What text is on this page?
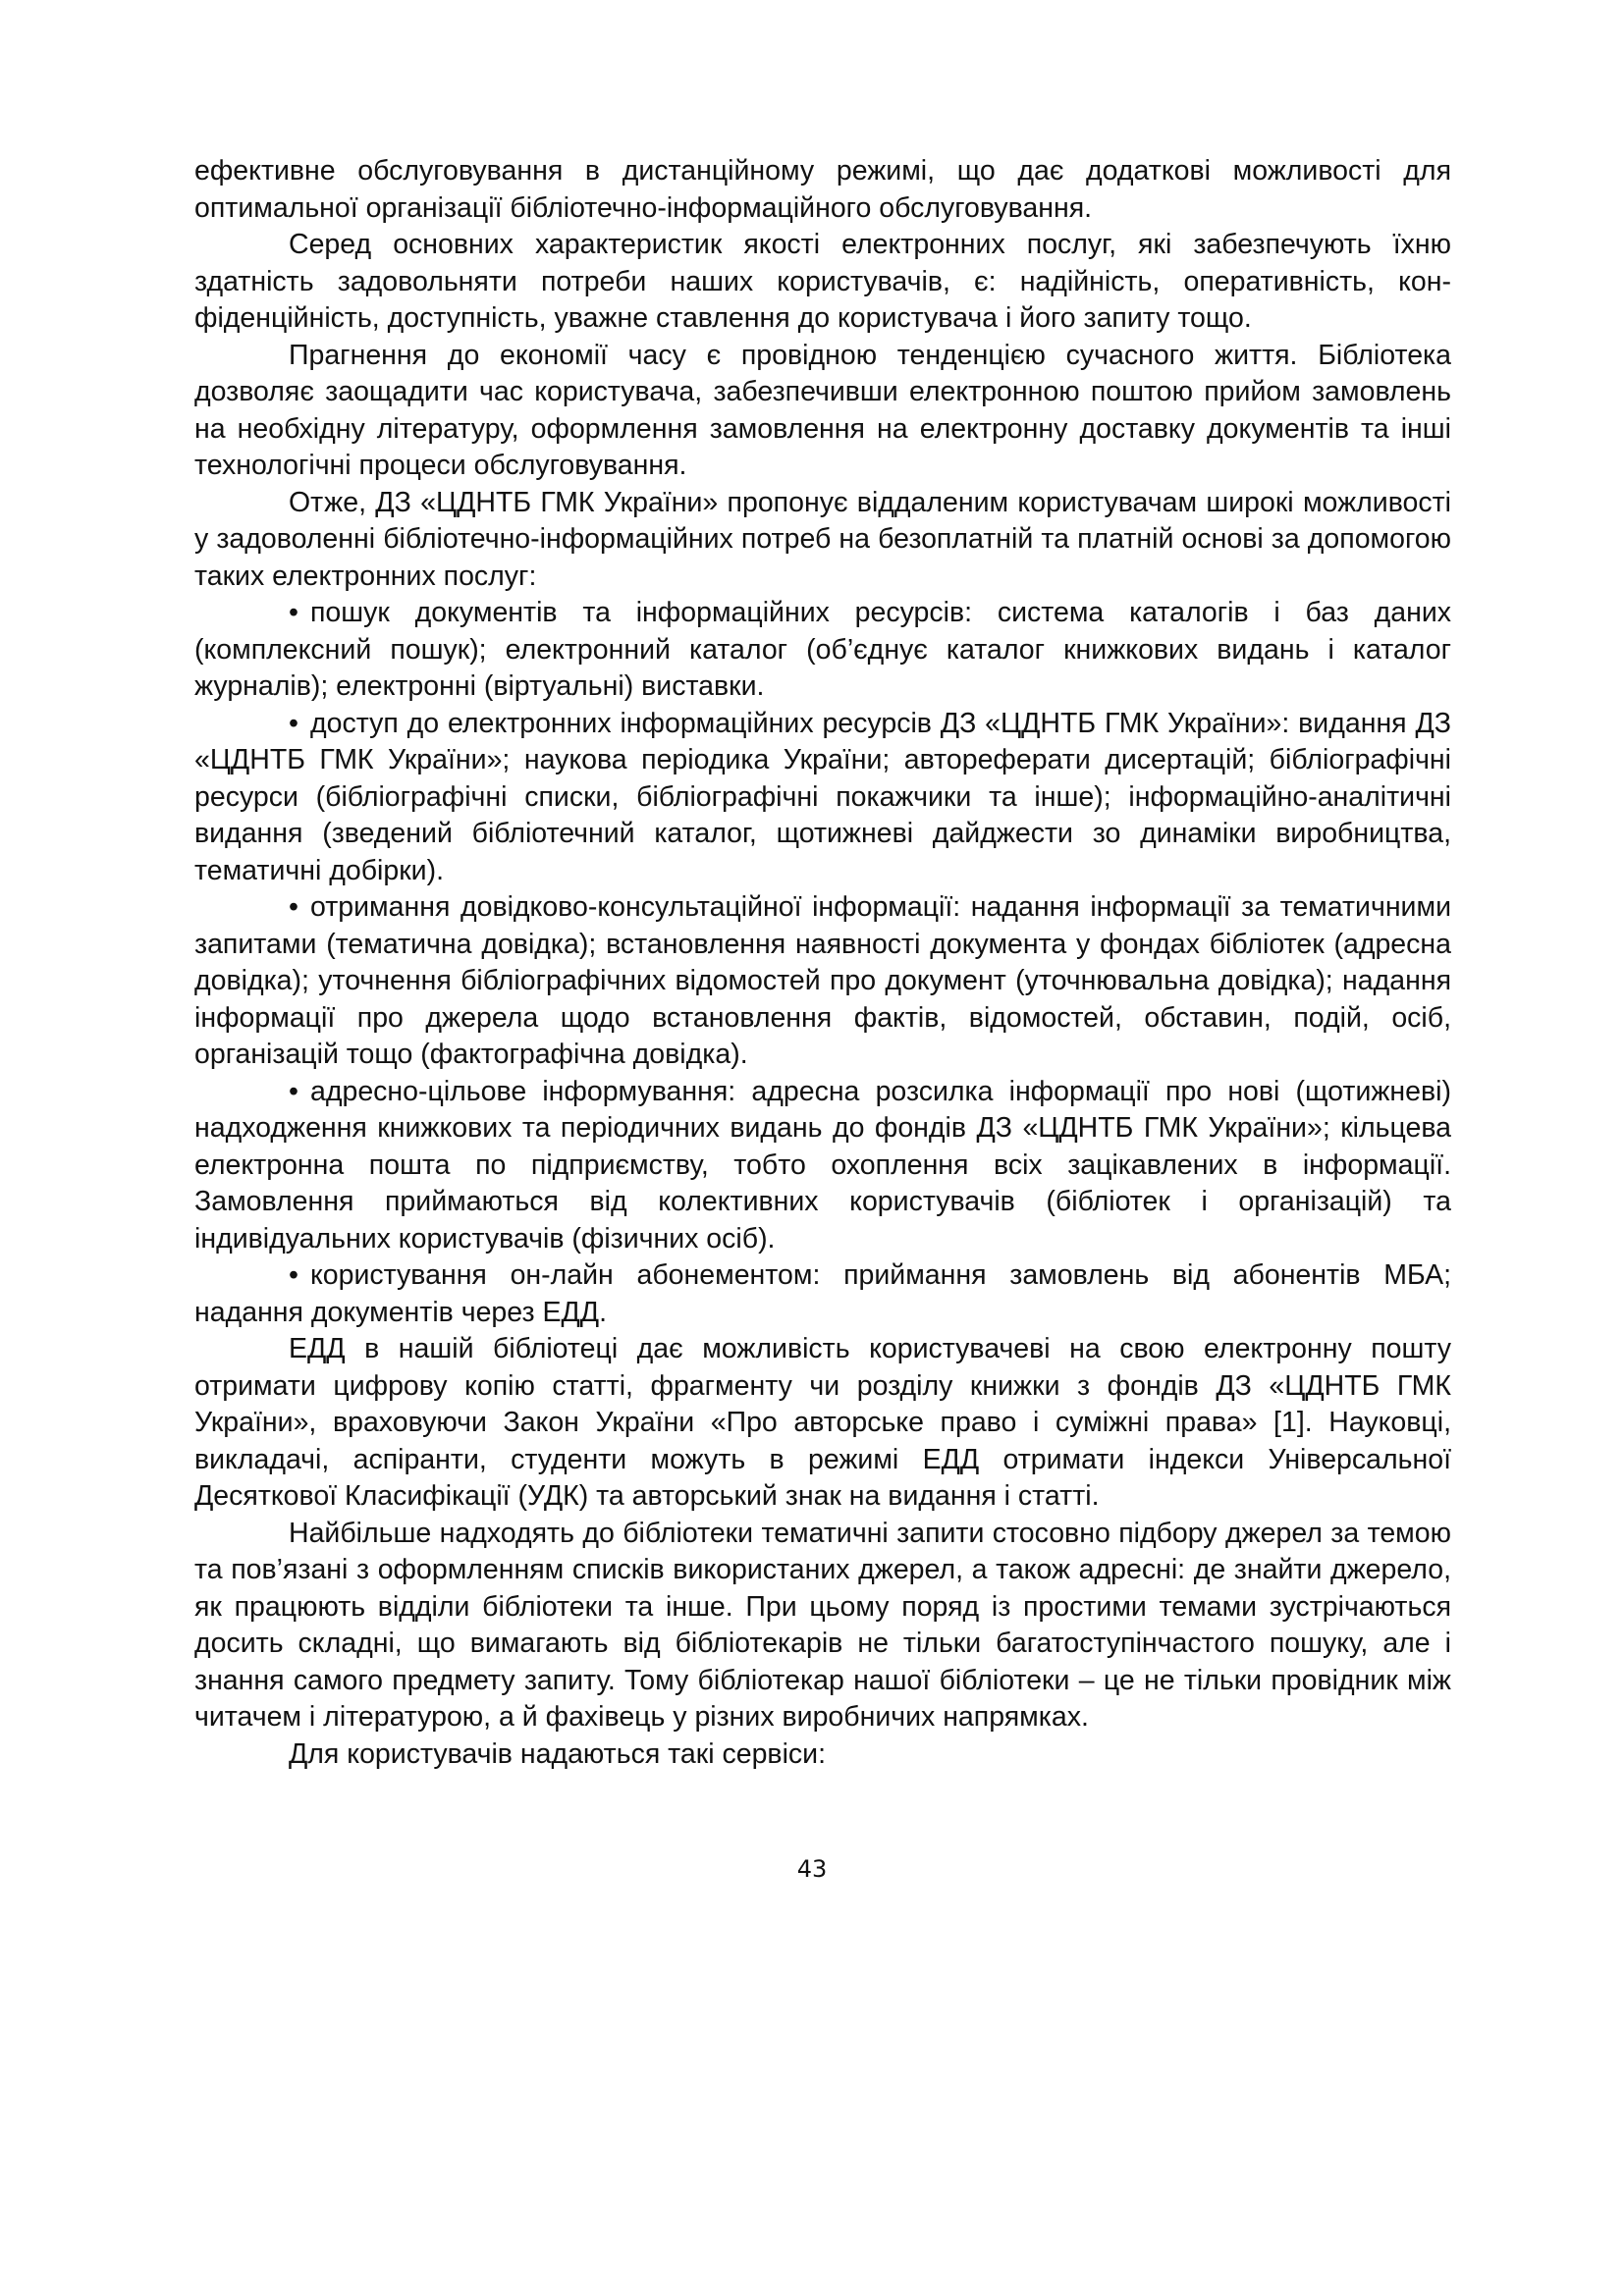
ефективне обслуговування в дистанційному режимі, що дає додаткові можливості для оптимальної організації бібліотечно-інформаційного обслуговування.

Серед основних характеристик якості електронних послуг, які забезпечують їхню здатність задовольняти потреби наших користувачів, є: надійність, оперативність, конфіденційність, доступність, уважне ставлення до користувача і його запиту тощо.

Прагнення до економії часу є провідною тенденцією сучасного життя. Бібліотека дозволяє заощадити час користувача, забезпечивши електронною поштою прийом замовлень на необхідну літературу, оформлення замовлення на електронну доставку документів та інші технологічні процеси обслуговування.

Отже, ДЗ «ЦДНТБ ГМК України» пропонує віддаленим користувачам широкі можливості у задоволенні бібліотечно-інформаційних потреб на безоплатній та платній основі за допомогою таких електронних послуг:

• пошук документів та інформаційних ресурсів: система каталогів і баз даних (комплексний пошук); електронний каталог (об’єднує каталог книжкових видань і каталог журналів); електронні (віртуальні) виставки.

• доступ до електронних інформаційних ресурсів ДЗ «ЦДНТБ ГМК України»: видання ДЗ «ЦДНТБ ГМК України»; наукова періодика України; автореферати дисертацій; бібліографічні ресурси (бібліографічні списки, бібліографічні покажчики та інше); інформаційно-аналітичні видання (зведений бібліотечний каталог, щотижневі дайджести зо динаміки виробництва, тематичні добірки).

• отримання довідково-консультаційної інформації: надання інформації за тематичними запитами (тематична довідка); встановлення наявності документа у фондах бібліотек (адресна довідка); уточнення бібліографічних відомостей про документ (уточнювальна довідка); надання інформації про джерела щодо встановлення фактів, відомостей, обставин, подій, осіб, організацій тощо (фактографічна довідка).

• адресно-цільове інформування: адресна розсилка інформації про нові (щотижневі) надходження книжкових та періодичних видань до фондів ДЗ «ЦДНТБ ГМК України»; кільцева електронна пошта по підприємству, тобто охоплення всіх зацікавлених в інформації. Замовлення приймаються від колективних користувачів (бібліотек і організацій) та індивідуальних користувачів (фізичних осіб).

• користування он-лайн абонементом: приймання замовлень від абонентів МБА; надання документів через ЕДД.

ЕДД в нашій бібліотеці дає можливість користувачеві на свою електронну пошту отримати цифрову копію статті, фрагменту чи розділу книжки з фондів ДЗ «ЦДНТБ ГМК України», враховуючи Закон України «Про авторське право і суміжні права» [1]. Науковці, викладачі, аспіранти, студенти можуть в режимі ЕДД отримати індекси Універсальної Десяткової Класифікації (УДК) та авторський знак на видання і статті.

Найбільше надходять до бібліотеки тематичні запити стосовно підбору джерел за темою та пов’язані з оформленням списків використаних джерел, а також адресні: де знайти джерело, як працюють відділи бібліотеки та інше. При цьому поряд із простими темами зустрічаються досить складні, що вимагають від бібліотекарів не тільки багатоступінчастого пошуку, але і знання самого предмету запиту. Тому бібліотекар нашої бібліотеки – це не тільки провідник між читачем і літературою, а й фахівець у різних виробничих напрямках.

Для користувачів надаються такі сервіси:

43
